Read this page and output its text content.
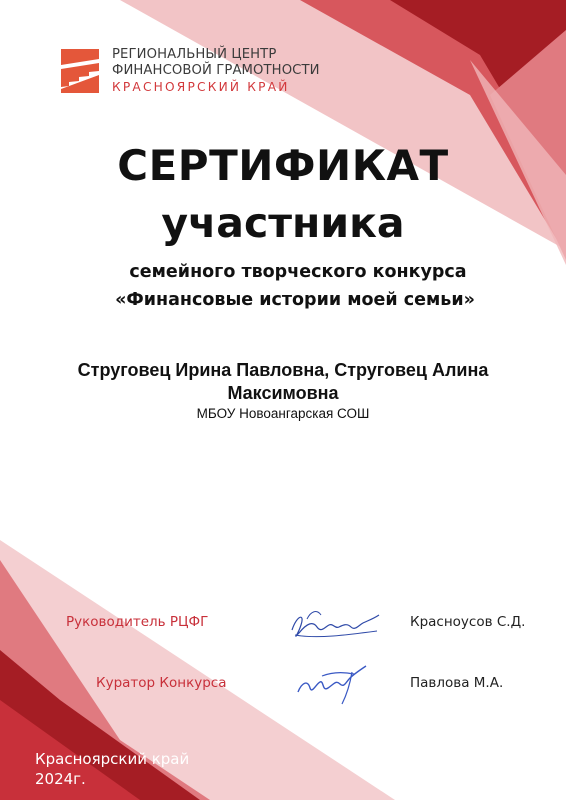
РЕГИОНАЛЬНЫЙ ЦЕНТР
ФИНАНСОВОЙ ГРАМОТНОСТИ
КРАСНОЯРСКИЙ КРАЙ
СЕРТИФИКАТ
участника
семейного творческого конкурса
«Финансовые истории моей семьи»
Струговец Ирина Павловна, Струговец Алина
Максимовна
МБОУ Новоангарская СОШ
Руководитель РЦФГ	Красноусов С.Д.
Куратор Конкурса	Павлова М.А.
Красноярский край
2024г.
